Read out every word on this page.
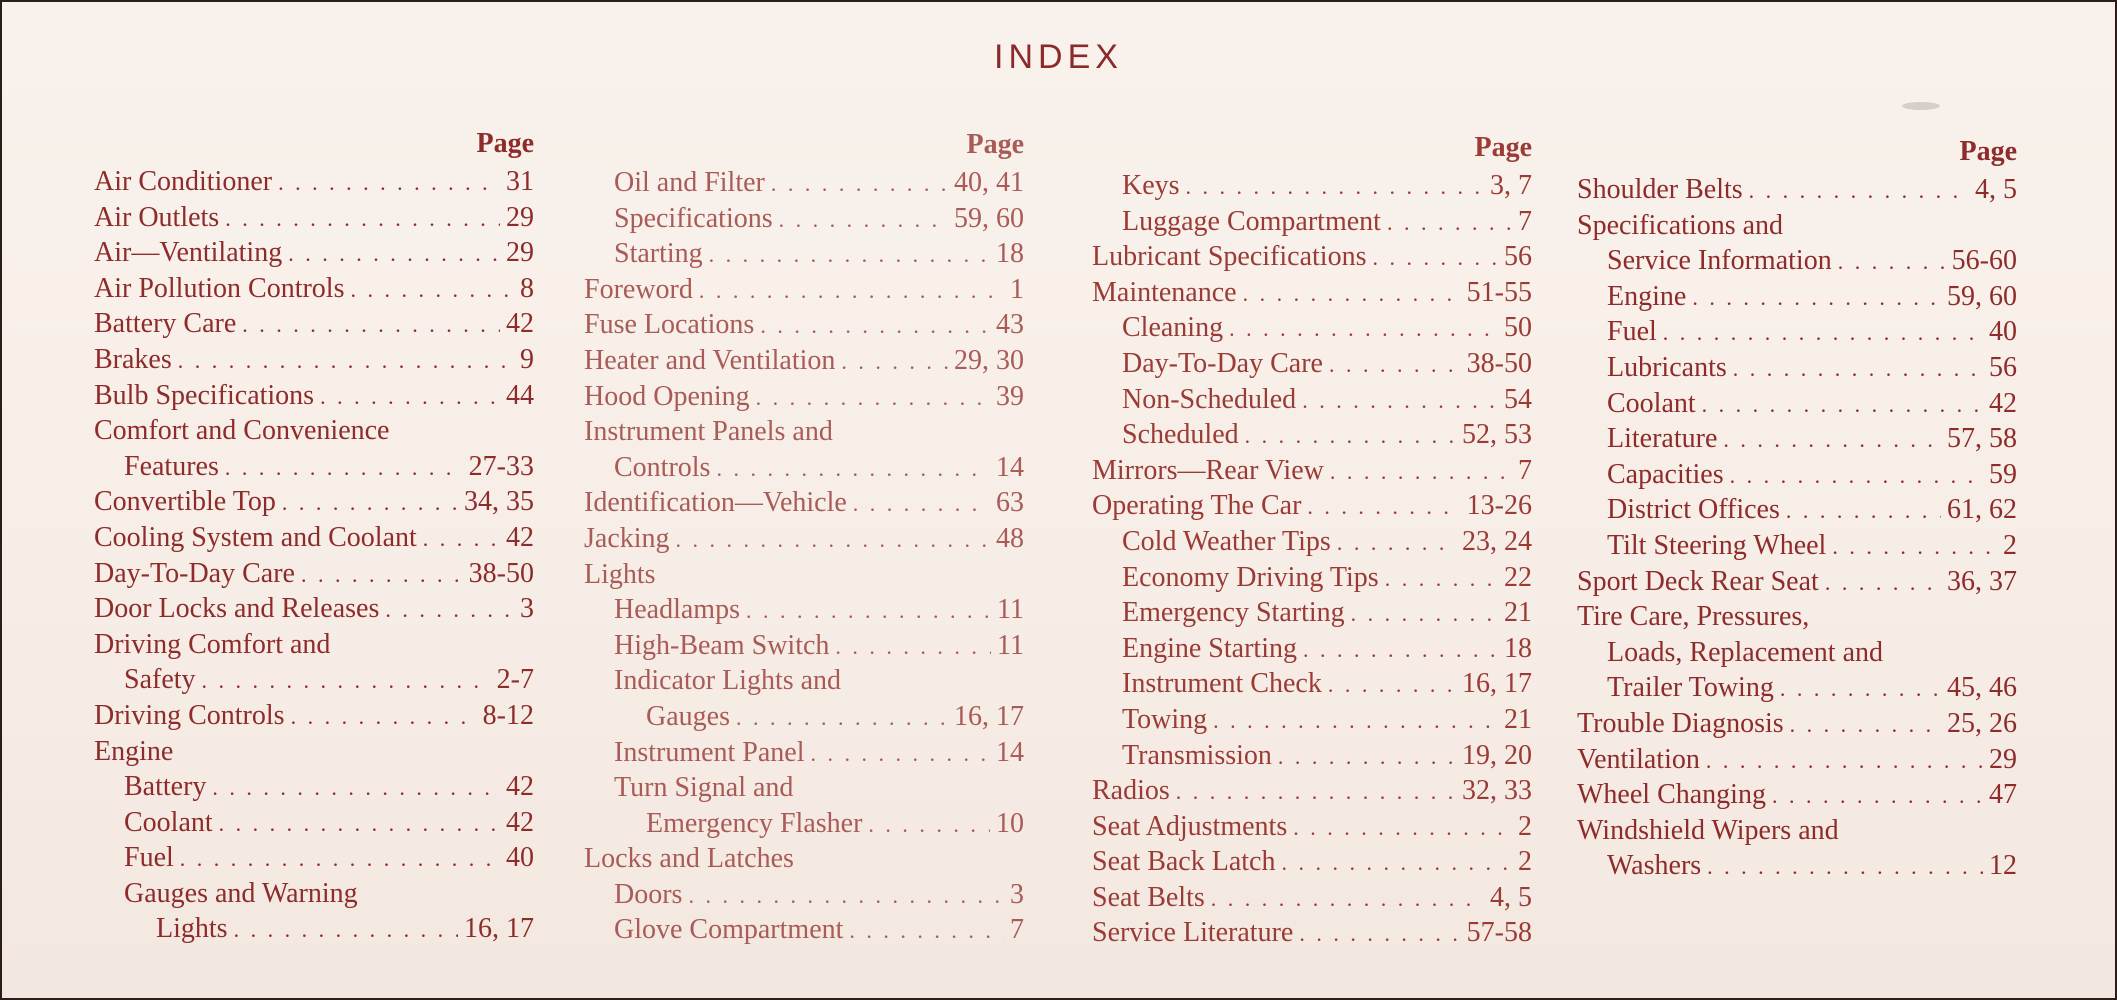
INDEX
Page
Air Conditioner . . .	31
Air Outlets . . .	29
Air—Ventilating . . .	29
Air Pollution Controls . . .	8
Battery Care . . .	42
Brakes . . .	9
Bulb Specifications . . .	44
Comfort and Convenience
Features . . .	27-33
Convertible Top . . .	34, 35
Cooling System and Coolant . . .	42
Day-To-Day Care . . .	38-50
Door Locks and Releases . . .	3
Driving Comfort and
Safety . . .	2-7
Driving Controls . . .	8-12
Engine
Battery . . .	42
Coolant . . .	42
Fuel . . .	40
Gauges and Warning
Lights . . .	16, 17
Page
Oil and Filter . . .	40, 41
Specifications . . .	59, 60
Starting . . .	18
Foreword . . .	1
Fuse Locations . . .	43
Heater and Ventilation . . .	29, 30
Hood Opening . . .	39
Instrument Panels and
Controls . . .	14
Identification—Vehicle . . .	63
Jacking . . .	48
Lights
Headlamps . . .	11
High-Beam Switch . . .	11
Indicator Lights and
Gauges . . .	16, 17
Instrument Panel . . .	14
Turn Signal and
Emergency Flasher . . .	10
Locks and Latches
Doors . . .	3
Glove Compartment . . .	7
Page
Keys . . .	3, 7
Luggage Compartment . . .	7
Lubricant Specifications . . .	56
Maintenance . . .	51-55
Cleaning . . .	50
Day-To-Day Care . . .	38-50
Non-Scheduled . . .	54
Scheduled . . .	52, 53
Mirrors—Rear View . . .	7
Operating The Car . . .	13-26
Cold Weather Tips . . .	23, 24
Economy Driving Tips . . .	22
Emergency Starting . . .	21
Engine Starting . . .	18
Instrument Check . . .	16, 17
Towing . . .	21
Transmission . . .	19, 20
Radios . . .	32, 33
Seat Adjustments . . .	2
Seat Back Latch . . .	2
Seat Belts . . .	4, 5
Service Literature . . .	57-58
Page
Shoulder Belts . . .	4, 5
Specifications and
Service Information . . .	56-60
Engine . . .	59, 60
Fuel . . .	40
Lubricants . . .	56
Coolant . . .	42
Literature . . .	57, 58
Capacities . . .	59
District Offices . . .	61, 62
Tilt Steering Wheel . . .	2
Sport Deck Rear Seat . . .	36, 37
Tire Care, Pressures,
Loads, Replacement and
Trailer Towing . . .	45, 46
Trouble Diagnosis . . .	25, 26
Ventilation . . .	29
Wheel Changing . . .	47
Windshield Wipers and
Washers . . .	12
